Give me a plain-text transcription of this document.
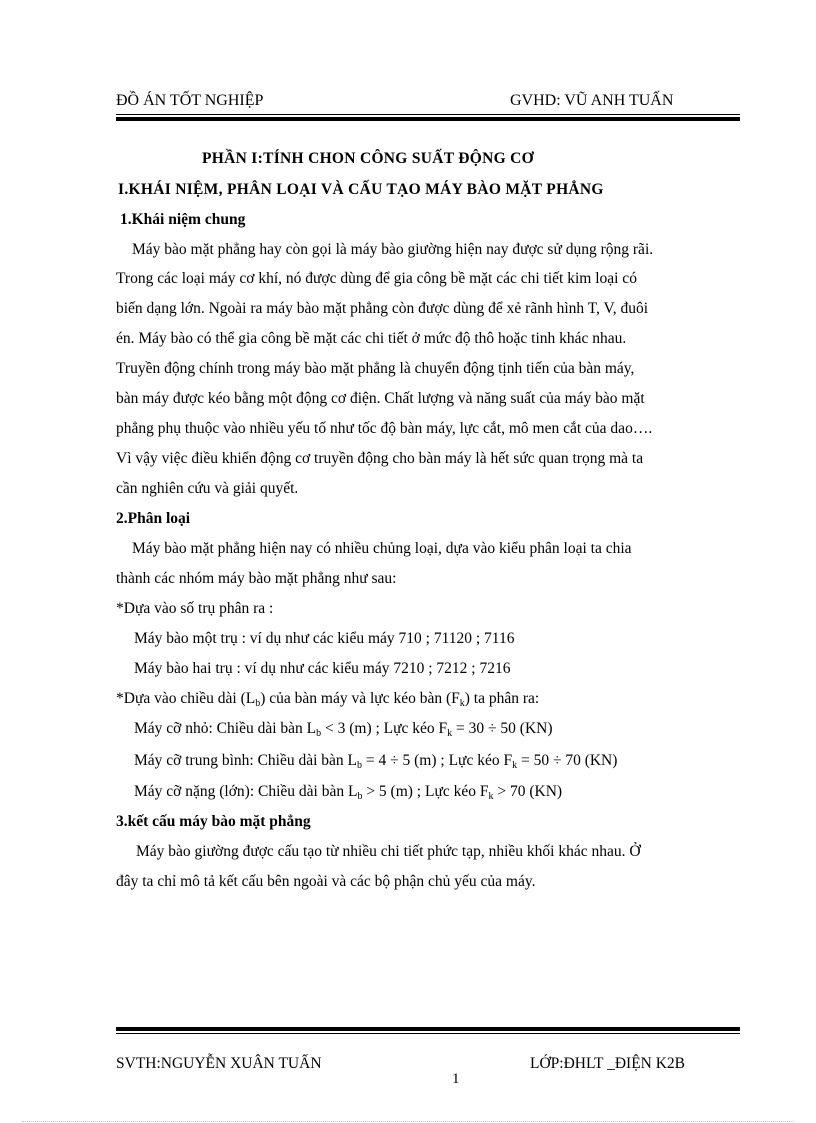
ĐỒ ÁN TỐT NGHIỆP	GVHD: VŨ ANH TUẤN
PHẦN I:TÍNH CHON CÔNG SUẤT ĐỘNG CƠ
I.KHÁI NIỆM, PHÂN LOẠI VÀ CẤU TẠO MÁY BÀO MẶT PHẲNG
1.Khái niệm chung
Máy bào mặt phẳng hay còn gọi là máy bào giường hiện nay được sử dụng rộng rãi.
Trong các loại máy cơ khí, nó được dùng để gia công bề mặt các chi tiết kim loại có
biến dạng lớn. Ngoài ra máy bào mặt phẳng còn được dùng để xẻ rãnh hình T, V, đuôi
én. Máy bào có thể gia công bề mặt các chi tiết ở mức độ thô hoặc tinh khác nhau.
Truyền động chính trong máy bào mặt phẳng là chuyển động tịnh tiến của bàn máy,
bàn máy được kéo bằng một động cơ điện. Chất lượng và năng suất của máy bào mặt
phẳng phụ thuộc vào nhiều yếu tố như tốc độ bàn máy, lực cắt, mô men cắt của dao….
Vì vậy việc điều khiển động cơ truyền động cho bàn máy là hết sức quan trọng mà ta
cần nghiên cứu và giải quyết.
2.Phân loại
Máy bào mặt phẳng hiện nay có nhiều chủng loại, dựa vào kiểu phân loại ta chia
thành các nhóm máy bào mặt phẳng như sau:
*Dựa vào số trụ phân ra :
Máy bào một trụ : ví dụ như các kiểu máy 710 ; 71120 ; 7116
Máy bào hai trụ : ví dụ như các kiểu máy 7210 ; 7212 ; 7216
*Dựa vào chiều dài $(L_b)$ của bàn máy và lực kéo bàn $(F_k)$ ta phân ra:
Máy cỡ nhỏ: Chiều dài bàn $L_b < 3$ (m) ; Lực kéo $F_k = 30 \div 50$ (KN)
Máy cỡ trung bình: Chiều dài bàn $L_b = 4 \div 5$ (m) ; Lực kéo $F_k = 50 \div 70$ (KN)
Máy cỡ nặng (lớn): Chiều dài bàn $L_b > 5$ (m) ; Lực kéo $F_k > 70$ (KN)
3.kết cấu máy bào mặt phẳng
Máy bào giường được cấu tạo từ nhiều chi tiết phức tạp, nhiều khối khác nhau. Ở
đây ta chỉ mô tả kết cấu bên ngoài và các bộ phận chủ yếu của máy.
SVTH:NGUYỄN XUÂN TUẤN	LỚP:ĐHLT _ĐIỆN K2B
1
